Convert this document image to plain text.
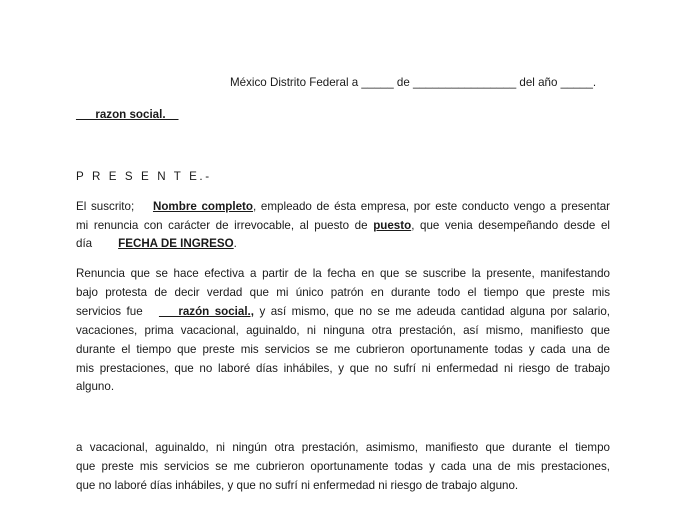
México Distrito Federal a _____ de ________________ del año _____.
___razon social.__
P R E S E N T E.-
El suscrito; Nombre completo, empleado de ésta empresa, por este conducto vengo a presentar
mi renuncia con carácter de irrevocable, al puesto de puesto, que venia desempeñando desde el
día FECHA DE INGRESO.
Renuncia que se hace efectiva a partir de la fecha en que se suscribe la presente, manifestando
bajo protesta de decir verdad que mi único patrón en durante todo el tiempo que preste mis
servicios fue ___razón social., y así mismo, que no se me adeuda cantidad alguna por salario,
vacaciones, prima vacacional, aguinaldo, ni ninguna otra prestación, así mismo, manifiesto que
durante el tiempo que preste mis servicios se me cubrieron oportunamente todas y cada una de
mis prestaciones, que no laboré días inhábiles, y que no sufrí ni enfermedad ni riesgo de trabajo
alguno.
a vacacional, aguinaldo, ni ningún otra prestación, asimismo, manifiesto que durante el tiempo
que preste mis servicios se me cubrieron oportunamente todas y cada una de mis prestaciones,
que no laboré días inhábiles, y que no sufrí ni enfermedad ni riesgo de trabajo alguno.
